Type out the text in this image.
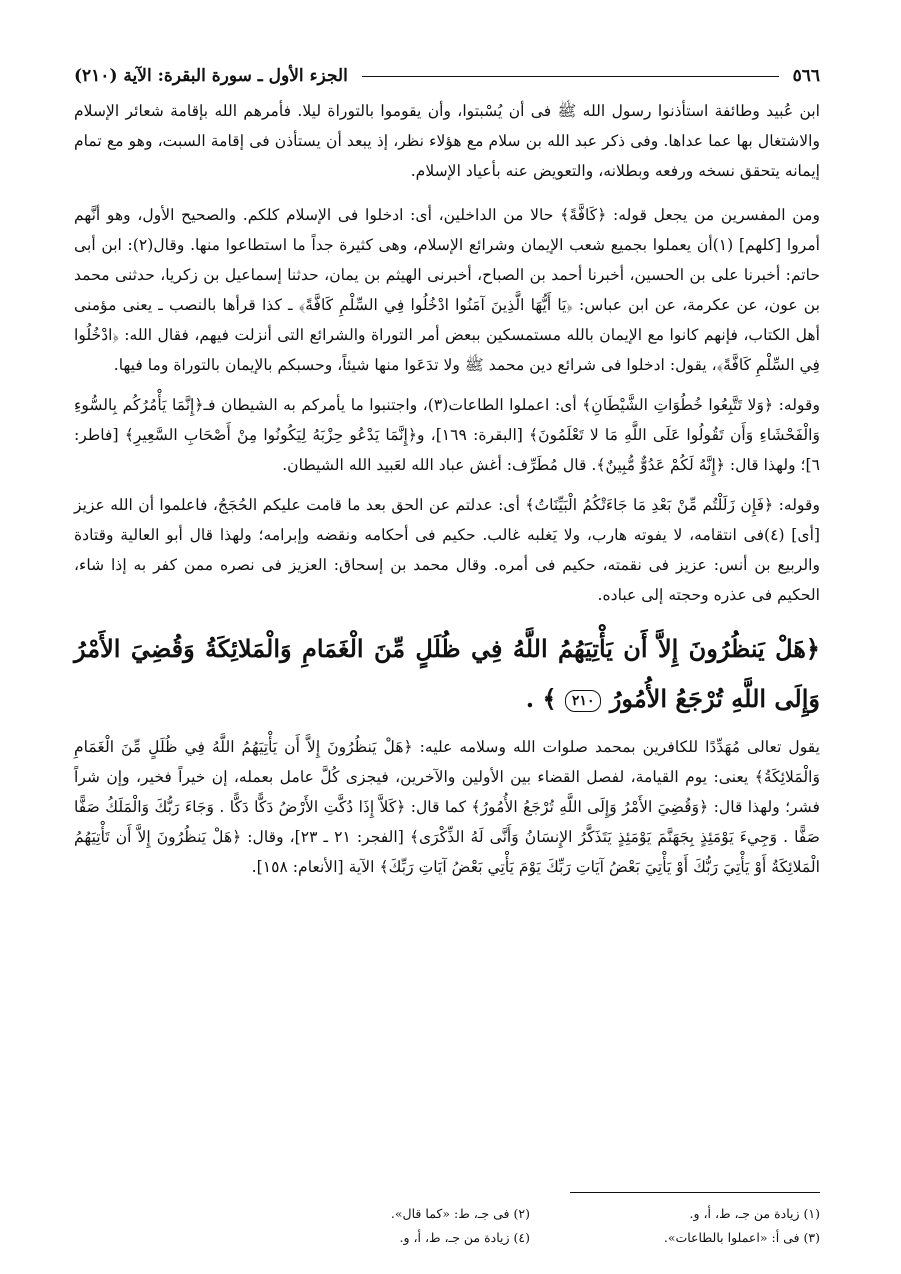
٥٦٦
الجزء الأول ـ سورة البقرة: الآية (٢١٠)

ابن عُبيد وطائفة استأذنوا رسول الله ﷺ فى أن يُسْبتوا، وأن يقوموا بالتوراة ليلا. فأمرهم الله بإقامة شعائر الإسلام والاشتغال بها عما عداها. وفى ذكر عبد الله بن سلام مع هؤلاء نظر، إذ يبعد أن يستأذن فى إقامة السبت، وهو مع تمام إيمانه يتحقق نسخه ورفعه وبطلانه، والتعويض عنه بأعياد الإسلام.

ومن المفسرين من يجعل قوله: ﴿كَافَّةً﴾ حالا من الداخلين، أى: ادخلوا فى الإسلام كلكم. والصحيح الأول، وهو أنَّهم أمروا [كلهم] (١)أن يعملوا بجميع شعب الإيمان وشرائع الإسلام، وهى كثيرة جداً ما استطاعوا منها. وقال(٢): ابن أبى حاتم: أخبرنا على بن الحسين، أخبرنا أحمد بن الصباح، أخبرنى الهيثم بن يمان، حدثنا إسماعيل بن زكريا، حدثنى محمد بن عون، عن عكرمة، عن ابن عباس: ﴿يَا أَيُّهَا الَّذِينَ آمَنُوا ادْخُلُوا فِي السِّلْمِ كَافَّةً﴾ ـ كذا قرأها بالنصب ـ يعنى مؤمنى أهل الكتاب، فإنهم كانوا مع الإيمان بالله مستمسكين ببعض أمر التوراة والشرائع التى أنزلت فيهم، فقال الله: ﴿ادْخُلُوا فِي السِّلْمِ كَافَّةً﴾، يقول: ادخلوا فى شرائع دين محمد ﷺ ولا تدَعَوا منها شيئاً، وحسبكم بالإيمان بالتوراة وما فيها.

وقوله: ﴿وَلا تَتَّبِعُوا خُطُوَاتِ الشَّيْطَانِ﴾ أى: اعملوا الطاعات(٣)، واجتنبوا ما يأمركم به الشيطان فـ﴿إِنَّمَا يَأْمُرُكُم بِالسُّوءِ وَالْفَحْشَاءِ وَأَن تَقُولُوا عَلَى اللَّهِ مَا لا تَعْلَمُونَ﴾ [البقرة: ١٦٩]، و﴿إِنَّمَا يَدْعُو حِزْبَهُ لِيَكُونُوا مِنْ أَصْحَابِ السَّعِيرِ﴾ [فاطر: ٦]؛ ولهذا قال: ﴿إِنَّهُ لَكُمْ عَدُوٌّ مُّبِينٌ﴾. قال مُطَرِّف: أغش عباد الله لعَبيد الله الشيطان.

وقوله: ﴿فَإِن زَلَلْتُم مِّنْ بَعْدِ مَا جَاءَتْكُمُ الْبَيِّنَاتُ﴾ أى: عدلتم عن الحق بعد ما قامت عليكم الحُجَجُ، فاعلموا أن الله عزيز [أى] (٤)فى انتقامه، لا يفوته هارب، ولا يَغلبه غالب. حكيم فى أحكامه ونقضه وإبرامه؛ ولهذا قال أبو العالية وقتادة والربيع بن أنس: عزيز فى نقمته، حكيم فى أمره. وقال محمد بن إسحاق: العزيز فى نصره ممن كفر به إذا شاء، الحكيم فى عذره وحجته إلى عباده.

﴿هَلْ يَنظُرُونَ إِلاَّ أَن يَأْتِيَهُمُ اللَّهُ فِي ظُلَلٍ مِّنَ الْغَمَامِ وَالْمَلائِكَةُ وَقُضِيَ الأَمْرُ وَإِلَى اللَّهِ تُرْجَعُ الأُمُورُ ٢١٠ ﴾ .

يقول تعالى مُهَدِّدًا للكافرين بمحمد صلوات الله وسلامه عليه: ﴿هَلْ يَنظُرُونَ إِلاَّ أَن يَأْتِيَهُمُ اللَّهُ فِي ظُلَلٍ مِّنَ الْغَمَامِ وَالْمَلائِكَةُ﴾ يعنى: يوم القيامة، لفصل القضاء بين الأولين والآخرين، فيجزى كُلَّ عامل بعمله، إن خيراً فخير، وإن شراً فشر؛ ولهذا قال: ﴿وَقُضِيَ الأَمْرُ وَإِلَى اللَّهِ تُرْجَعُ الأُمُورُ﴾ كما قال: ﴿كَلاَّ إِذَا دُكَّتِ الأَرْضُ دَكًّا دَكًّا . وَجَاءَ رَبُّكَ وَالْمَلَكُ صَفًّا صَفًّا . وَجِيءَ يَوْمَئِذٍ بِجَهَنَّمَ يَوْمَئِذٍ يَتَذَكَّرُ الإِنسَانُ وَأَنَّى لَهُ الذِّكْرَى﴾ [الفجر: ٢١ ـ ٢٣]، وقال: ﴿هَلْ يَنظُرُونَ إِلاَّ أَن تَأْتِيَهُمُ الْمَلائِكَةُ أَوْ يَأْتِيَ رَبُّكَ أَوْ يَأْتِيَ بَعْضُ آيَاتِ رَبِّكَ يَوْمَ يَأْتِي بَعْضُ آيَاتِ رَبِّكَ﴾ الآية [الأنعام: ١٥٨].

(١) زيادة من جـ، ط، أ، و.
(٢) فى جـ، ط: «كما قال».
(٣) فى أ: «اعملوا بالطاعات».
(٤) زيادة من جـ، ط، أ، و.
